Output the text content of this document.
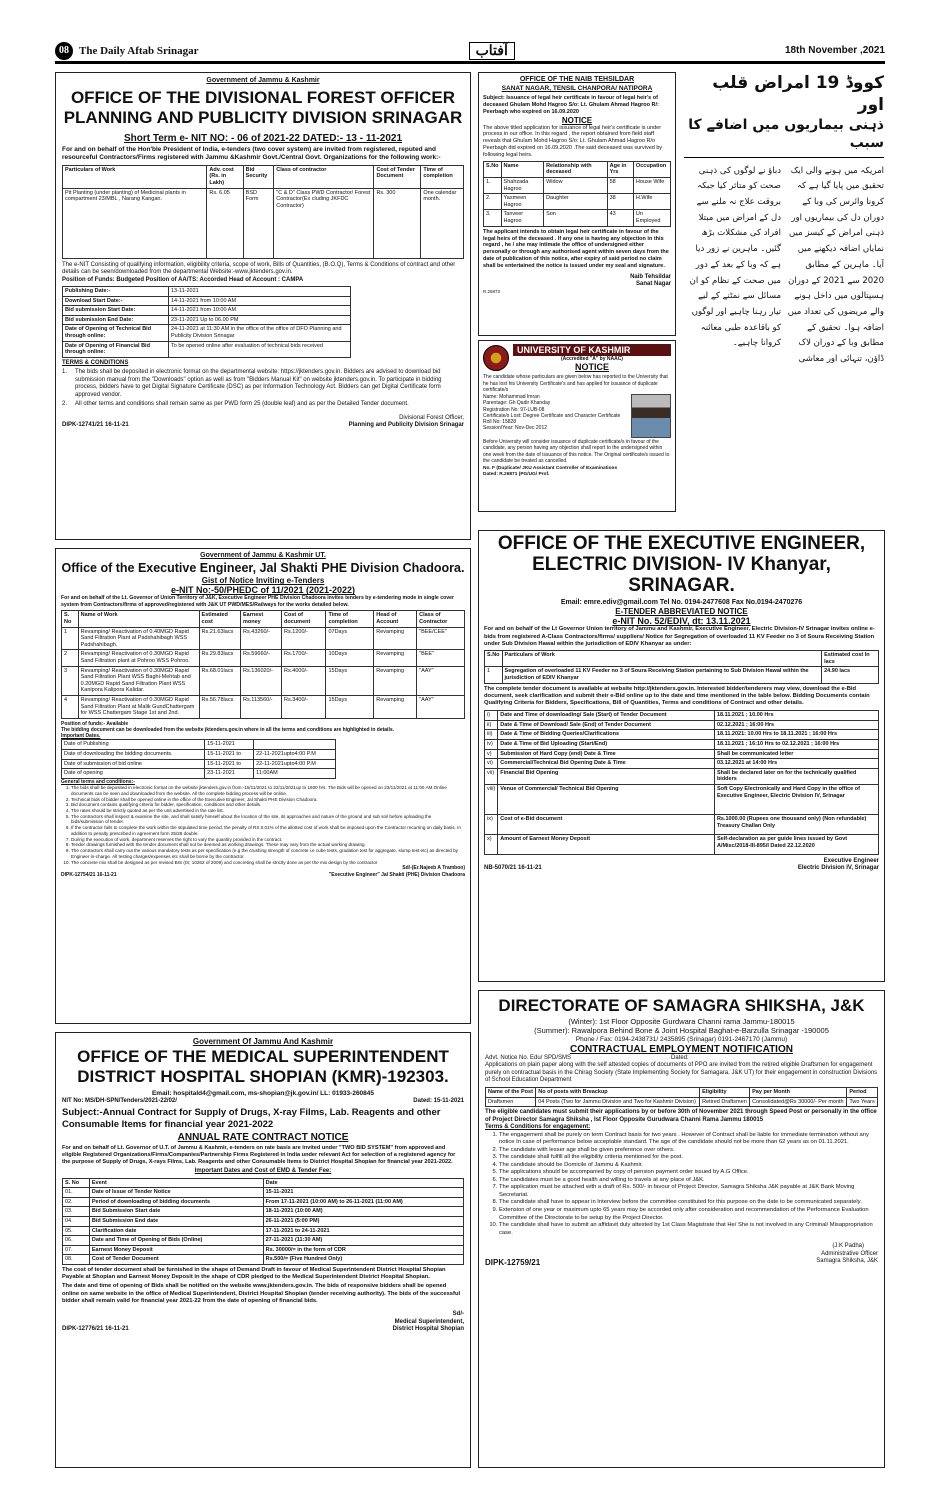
08 The Daily Aftab Srinagar	آفتاب	18th November ,2021
Government of Jammu & Kashmir
OFFICE OF THE DIVISIONAL FOREST OFFICER
PLANNING AND PUBLICITY DIVISION SRINAGAR
Short Term e- NIT NO: - 06 of 2021-22 DATED:- 13 - 11-2021
For and on behalf of the Hon'ble President of India, e-tenders (two cover system) are invited from registered, reputed and resourceful Contractors/Firms registered with Jammu &Kashmir Govt./Central Govt. Organizations for the following work:-
Particulars of Work	Adv. cost (Rs. in Lakh)	Bid Security	Class of contractor	Cost of Tender Document	Time of completion
Pit Planting (under planting) of Medicinal plants in compartment 23/MBL , Narang Kangan.	Rs. 6.05	BSD Form	"C & D" Class PWD Contractor/ Forest Contractor(Ex cluding JKFDC Contractor)	Rs. 300	One calendar month.
The e-NIT Consisting of qualifying information, eligibility criteria, scope of work, Bills of Quantities, (B.O.Q), Terms & Conditions of contract and other details can be seen/downloaded from the departmental Website:-www.jktenders.gov.in.
Position of Funds: Budgeted Position of AA/TS: Accorded Head of Account : CAMPA
Publishing Date:-	13-11-2021
Download Start Date:-	14-11-2021 from 10:00 AM
Bid submission Start Date:	14-11-2021 from 10:00 AM
Bid submission End Date:	23-11-2021 Up to 06.00 PM
Date of Opening of Technical Bid through online:	24-11-2021 at 11:30 AM in the office of the office of DFO Planning and Publicity Division Srinagar
Date of Opening of Financial Bid through online:	To be opened online after evaluation of technical bids received
TERMS & CONDITIONS
1. The bids shall be deposited in electronic format on the departmental website: https://jktenders.gov.in. Bidders are advised to download bid submission manual from the "Downloads" option as well as from "Bidders Manual Kit" on website jktenders.gov.in. To participate in bidding process, bidders have to get Digital Signature Certificate (DSC) as per Information Technology Act. Bidders can get Digital Certificate form approved vendor.
2. All other terms and conditions shall remain same as per PWD form 25 (double leaf) and as per the Detailed Tender document.
Divisional Forest Officer,
DIPK-12741/21 16-11-21	Planning and Publicity Division Srinagar
OFFICE OF THE NAIB TEHSILDAR
SANAT NAGAR, TENSIL CHANPORA/ NATIPORA
Subject: Issuance of legal heir certificate in favour of legal heir's of deceased Ghulam Mohd Hagroo S/o: Lt. Ghulam Ahmad Hagroo R/: Peerbagh who expired on 16.09.2020
NOTICE
The above titled application for issuance of legal heir's certificate is under process in our office. In this regard , the report obtained from field staff reveals that Ghulam Mohd Hagroo S/o: Lt. Ghulam Ahmad Hagroo R/o Peerbagh did expired on 16.09.2020 .The said deceased was survived by following legal heirs.
S.No	Name	Relationship with deceased	Age in Yrs	Occupation
1.	Shahzada Hagroo	Widow	58	House Wife
2.	Yasmeen Hagroo	Daughter	38	H.Wife
3.	Tanveer Hagroo	Son	43	Un Employed
The applicant intends to obtain legal heir certificate in favour of the legal heirs of the deceased . If any one is having any objection in this regard , he / she may intimate the office of undersigned either personally or through any authorised agent within seven days from the date of publication of this notice, after expiry of said period no claim shall be entertained the notice is issued under my seal and signature.
Naib Tehsildar
Sanat Nagar
R.26873
UNIVERSITY OF KASHMIR
(Accredited "A" by NAAC)
NOTICE
The candidate whose particulars are given below has reported to the University that he has lost his University Certificate's and has applied for issuance of duplicate certificate/s
Name: Mohammad Imran
Parentage: Gh Qadir Khanday
Registration No: 97-LUB-08
Certificate/s Lost: Degree Certificate and Character Certificate
Roll No: 15828
Session/Year: Nov-Dec 2012
Before University will consider issuance of duplicate certificate/s in favour of the candidate, any person having any objection shall report to the undersigned within one week from the date of issuance of this notice. The Original certificate/s issued to the candidate be treated as cancelled.
No. F (Duplicate/ JKU Assistant Controller of Examinations
Dated: R.26871 (PG/UG/ Prof.
کووڈ 19 امراض قلب اور
ذہنی بیماریوں میں اضافے کا سبب
امریکہ میں ہونے والی ایک تحقیق میں پایا گیا ہے کہ کرونا وائرس کی وبا کے دوران دل کی بیماریوں اور ذہنی امراض کے کیسز میں نمایاں اضافہ دیکھنے میں آیا۔ ماہرین کے مطابق 2020 سے 2021 کے دوران ہسپتالوں میں داخل ہونے والے مریضوں کی تعداد میں اضافہ ہوا۔ تحقیق کے مطابق وبا کے دوران لاک ڈاؤن، تنہائی اور معاشی دباؤ نے لوگوں کی ذہنی صحت کو متاثر کیا جبکہ بروقت علاج نہ ملنے سے دل کے امراض میں مبتلا افراد کی مشکلات بڑھ گئیں۔ ماہرین نے زور دیا ہے کہ وبا کے بعد کے دور میں صحت کے نظام کو ان مسائل سے نمٹنے کے لیے تیار رہنا چاہیے اور لوگوں کو باقاعدہ طبی معائنہ کروانا چاہیے۔
Government of Jammu & Kashmir UT.
Office of the Executive Engineer, Jal Shakti PHE Division Chadoora.
Gist of Notice Inviting e-Tenders
e-NIT No:-50/PHEDC of 11/2021 (2021-2022)
For and on behalf of the Lt. Governor of Union Territory of J&K, Executive Engineer PHE Division Chadoora invites tenders by e-tendering mode in single cover system from Contractors/firms of approved/registered with J&K UT PWD/MES/Railways for the works detailed below.
S. No	Name of Work	Estimated cost	Earnest money	Cost of document	Time of completion	Head of Account	Class of Contractor
1	Revamping/ Reactivation of 0.40MGD Rapid Sand Filtration Plant at Padshahibagh WSS Padshahibagh.	Rs.21.63lacs	Rs.43260/-	Rs.1200/-	07Days	Revamping	"BEE/CEE"
2	Revamping/ Reactivation of 0.30MGD Rapid Sand Filtration plant at Pohroo WSS Pohroo.	Rs.29.83lacs	Rs.59660/-	Rs.1700/-	10Days	Revamping	"BEE"
3	Revamping/ Reactivation of 0.30MGD Rapid Sand Filtration Plant WSS Baghi-Mehtab and 0.20MGD Rapid Sand Filtration Plant WSS Kanipora Kalipora Kalidar.	Rs.68.01lacs	Rs.136020/-	Rs.4000/-	15Days	Revamping	"AAY"
4	Revamping/ Reactivation of 0.30MGD Rapid Sand Filtration Plant at Malik GundChattergam for WSS Chattergam Stage 1st and 2nd.	Rs.56.78lacs	Rs.113560/-	Rs.3400/-	15Days	Revamping	"AAY"
Position of funds:- Available
The bidding document can be downloaded from the website jktenders.gov.in where in all the terms and conditions are highlighted in details.
Important Dates.
Date of Publishing	15-11-2021	
Date of downloading the bidding documents.	15-11-2021 to	22-11-2021upto4:00 P.M
Date of submission of bid online	15-11-2021 to	22-11-2021upto4:00 P.M
Date of opening	23-11-2021	11:00AM
General terms and conditions:-
1. The bids shall be deposited in electronic format on the website jktenders.gov.in from:-15/11/2021 to 22/11/2021up to 1600 hrs. The Bids will be opened on 23/11/2021 at 11:00 AM.Online documents can be seen and downloaded from the website. All the complete bidding process will be online.
2. Technical bids of bidder shall be opened online in the office of the Executive Engineer, Jal Shakti PHE Division Chadoora.
3. Bid document contains qualifying criteria for bidder, specification, conditions and other details.
4. The rates should be strictly quoted as per the unit advertised in the rate list.
5. The contractors shall inspect & examine the site, and shall satisfy himself about the location of the site, its approaches and nature of the ground and sub soil before uploading the bids/submission of tender.
6. If the contractor fails to complete the work within the stipulated time period, the penalty of RS.0.01% of the allotted cost of work shall be imposed upon the Contractor recurring on daily basis. In addition to penalty prescribed in agreement form 25/26 double.
7. During the execution of work, department reserves the right to vary the quantity provided in the contract.
8. Tender drawings furnished with the tender document shall not be deemed as working drawings. These may vary from the actual working drawing.
9. The contractors shall carry out the various mandatory tests as per specification (e.g the crushing strength of concrete i.e cube tests, gradation test for aggregate, slump test etc) as directed by Engineer in-charge. All testing charges/expenses etc shall be borne by the contractor.
10. The concrete mix shall be designed as per revised BIS (IS; 10262 of 2009) and concreting shall be strictly done as per the mix design by the contractor
Sd/-(Er.Najeeb A Tramboo)
DIPK-12754/21 16-11-21	"Executive Engineer" Jal Shakti (PHE) Division Chadoora
OFFICE OF THE EXECUTIVE ENGINEER,
ELECTRIC DIVISION- IV Khanyar, SRINAGAR.
Email: emre.ediv@gmail.com Tel No. 0194-2477608 Fax No.0194-2470276
E-TENDER ABBREVIATED NOTICE
e-NIT No. 52/EDIV, dt: 13.11.2021
For and on behalf of the Lt Governor Union territory of Jammu and Kashmir, Executive Engineer, Electric Division-IV Srinagar invites online e-bids from registered A-Class Contractors/firms/ suppliers/ Notice for Segregation of overloaded 11 KV Feeder no 3 of Soura Receiving Station under Sub Division Hawal within the jurisdiction of EDIV Khanyar as under:
S.No	Particulars of Work	Estimated cost In lacs
1	Segregation of overloaded 11 KV Feeder no 3 of Soura Receiving Station pertaining to Sub Division Hawal within the jurisdiction of EDIV Khanyar	24.90 lacs
The complete tender document is available at website http://jktenders.gov.in. Interested bidder/tenderers may view, download the e-Bid document, seek clarification and submit their e-Bid online up to the date and time mentioned in the table below. Bidding Documents contain Qualifying Criteria for Bidders, Specifications, Bill of Quantities, Terms and conditions of Contract and other details.
i)	Date and Time of downloading/ Sale (Start) of Tender Document	18.11.2021 ; 10.00 Hrs
ii)	Date & Time of Download/ Sale (End) of Tender Document	02.12.2021 ; 16:00 Hrs
iii)	Date & Time of Bidding Queries/Clarifications	18.11.2021: 10.00 Hrs to 18.11.2021 ; 16:00 Hrs
iv)	Date & Time of Bid Uploading (Start/End)	18.11.2021 ; 16:10 Hrs to 02.12.2021 ; 16:00 Hrs
v)	Submission of Hard Copy (end) Date & Time	Shall be communicated letter
vi)	Commercial/Technical Bid Opening Date & Time	03.12.2021 at 14:00 Hrs
vii)	Financial Bid Opening	Shall be declared later on for the technically qualified bidders
viii)	Venue of Commercial/ Technical Bid Opening	Soft Copy Electronically and Hard Copy in the office of Executive Engineer, Electric Division IV, Srinagar
ix)	Cost of e-Bid document	Rs.1000.00 (Rupees one thousand only) (Non refundable) Treasury Challan Only
x)	Amount of Earnest Money Deposit	Self-declaration as per guide lines issued by Govt A/Misc/2018-III-895/I Dated 22.12.2020
Executive Engineer
NB-5070/21 16-11-21	Electric Division IV, Srinagar
Government Of Jammu And Kashmir
OFFICE OF THE MEDICAL SUPERINTENDENT
DISTRICT HOSPITAL SHOPIAN (KMR)-192303.
Email: hospitald4@gmail.com, ms-shopian@jk.gov.in/ LL: 01933-260845
NIT No: MS/DH-SPN/Tenders/2021-22/02/	Dated: 15-11-2021
Subject:-Annual Contract for Supply of Drugs, X-ray Films, Lab. Reagents and other Consumable Items for financial year 2021-2022
ANNUAL RATE CONTRACT NOTICE
For and on behalf of Lt. Governor of U.T. of Jammu & Kashmir, e-tenders on rate basis are invited under "TWO BID SYSTEM" from approved and eligible Registered Organizations/Firms/Companies/Partnership Firms Registered in India under relevant Act for selection of a registered agency for the purpose of Supply of Drugs, X-rays Films, Lab. Reagents and other Consumable Items to District Hospital Shopian for financial year 2021-2022.
Important Dates and Cost of EMD & Tender Fee:
S. No	Event	Date
01.	Date of Issue of Tender Notice	15-11-2021
02.	Period of downloading of bidding documents	From 17-11-2021 (10:00 AM) to 26-11-2021 (11:00 AM)
03.	Bid Submission Start date	18-11-2021 (10:00 AM)
04.	Bid Submission End date	26-11-2021 (5:00 PM)
05.	Clarification date	17-11-2021 to 24-11-2021
06.	Date and Time of Opening of Bids (Online)	27-11-2021 (11:30 AM)
07.	Earnest Money Deposit	Rs. 30000/= in the form of CDR
08.	Cost of Tender Document	Rs.500/= (Five Hundred Only)
The cost of tender document shall be furnished in the shape of Demand Draft in favour of Medical Superintendent District Hospital Shopian Payable at Shopian and Earnest Money Deposit in the shape of CDR pledged to the Medical Superintendent District Hospital Shopian.
The date and time of opening of Bids shall be notified on the website www.jktenders.gov.in. The bids of responsive bidders shall be opened online on same website in the office of Medical Superintendent, District Hospital Shopian (tender receiving authority). The bids of the successful bidder shall remain valid for financial year 2021-22 from the date of opening of financial bids.
Sd/-
Medical Superintendent,
DIPK-12776/21 16-11-21	District Hospital Shopian
DIRECTORATE OF SAMAGRA SHIKSHA, J&K
(Winter): 1st Floor Opposite Gurdwara Channi rama Jammu-180015
(Summer): Rawalpora Behind Bone & Joint Hospital Baghat-e-Barzulla Srinagar -190005
Phone / Fax: 0194-2438731/ 2435895 (Srinagar) 0191-2467170 (Jammu)
CONTRACTUAL EMPLOYMENT NOTIFICATION
Advt. Notice No. Edu/ SPD/SMS	Dated:
Applications on plain paper along with the self attested copies of documents of PPO are invited from the retired eligible Draftsmen for engagement purely on contractual basis in the Chirag Society (State Implementing Society for Samagara, J&K UT) for their engagement in construction Divisions of School Education Department
Name of the Post	No of posts with Breackup	Eligibility	Pay per Month	Period
Draftsmen	04 Posts (Two for Jammu Division and Two for Kashmir Division)	Retired Draftsmen	Consolidated@Rs 30000/- Per month	Two Years
The eligible candidates must submit their applications by or before 30th of November 2021 through Speed Post or personally in the office of Project Director Samagra Shiksha , Ist Floor Opposite Gurudwara Channi Rama Jammu 180015
Terms & Conditions for engagement:
1. The engagement shall be purely on term Contract basis for two years . However of Contract shall be liable for immediate termination without any notice In case of performance below acceptable standard. The age of the candidate should not be more than 62 years as on 01.11.2021.
2. The candidate with lesser age shall be given preference over others.
3. The candidate shall fulfill all the eligibility criteria mentioned for the post.
4. The candidate should be Domicile of Jammu & Kashmir.
5. The applications should be accompanied by copy of pension payment order issued by A.G Office.
6. The candidates must be a good health and willing to travels at any place of J&K.
7. The application must be attached with a draft of Rs. 500/- in favour of Project Director, Samagra Shiksha J&K payable at J&K Bank Moving Secretariat.
8. The candidate shall have to appear in Interview before the committee constituted for this purpose on the date to be communicated separately.
9. Extension of one year or maximum upto 65 years may be accorded only after consideration and recommendation of the Performance Evaluation Committee of the Directorate to be setup by the Project Director.
10. The candidate shall have to submit an affidavit duly attested by 1st Class Magistrate that He/ She is not involved in any Criminal/ Misappropriation case.
(J.K Padha)
Administrative Officer
DIPK-12759/21	Samagra Shiksha, J&K
